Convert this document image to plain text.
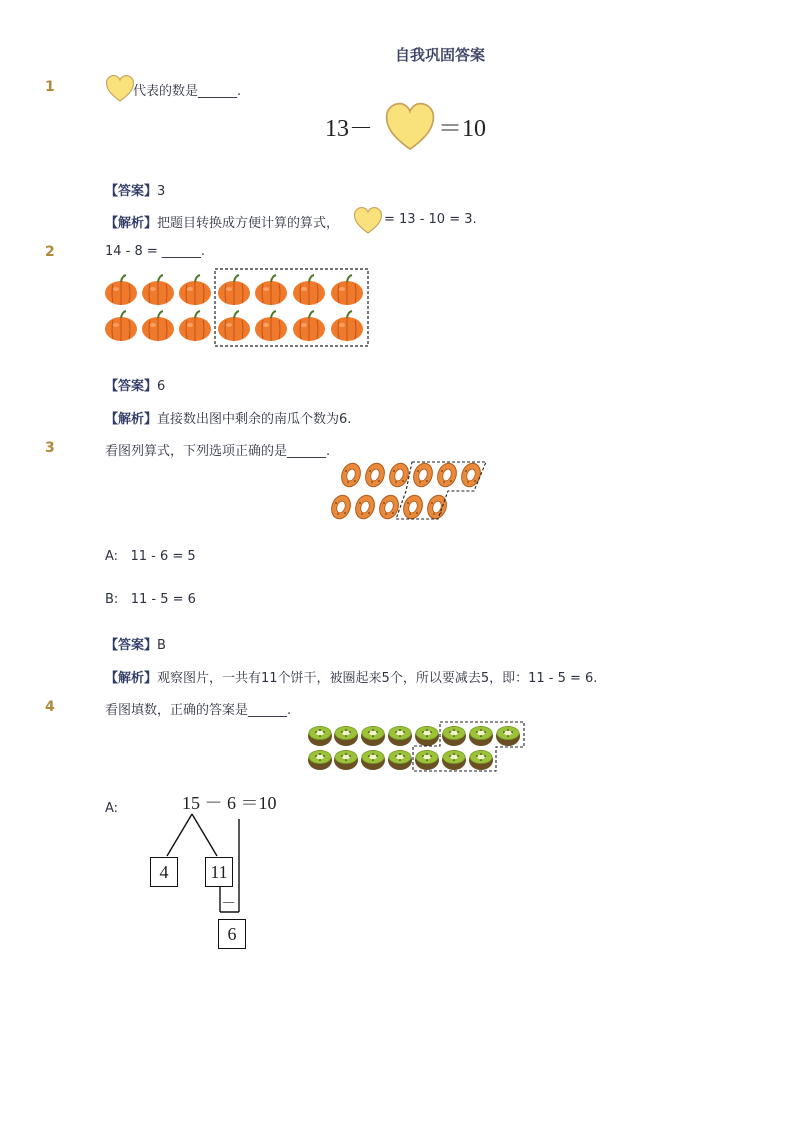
自我巩固答案
1	代表的数是______.
13－	＝10
【答案】3
【解析】把题目转换成方便计算的算式，	= 13 - 10 = 3.
2	14 - 8 = ______.
【答案】6
【解析】直接数出图中剩余的南瓜个数为6.
3	看图列算式，下列选项正确的是______.
A: 11 - 6 = 5
B: 11 - 5 = 6
【答案】B
【解析】观察图片，一共有11个饼干，被圈起来5个，所以要减去5，即：11 - 5 = 6.
4	看图填数，正确的答案是______.
A:	15 － 6 ＝10
4	11
－
6
